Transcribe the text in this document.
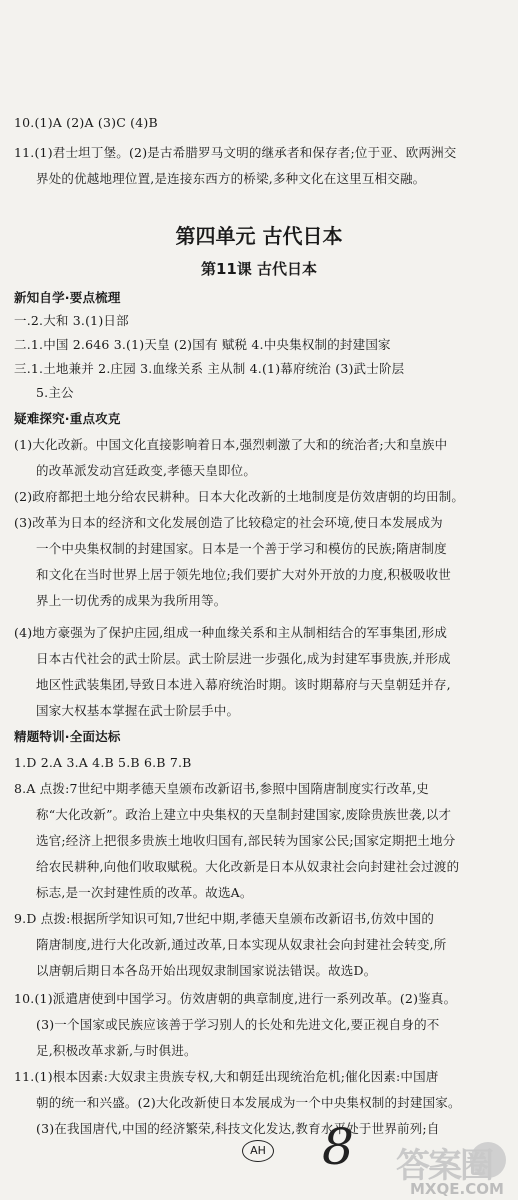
10.(1)A (2)A (3)C (4)B
11.(1)君士坦丁堡。(2)是古希腊罗马文明的继承者和保存者;位于亚、欧两洲交
界处的优越地理位置,是连接东西方的桥梁,多种文化在这里互相交融。
第四单元 古代日本
第11课 古代日本
新知自学·要点梳理
一.2.大和 3.(1)日部
二.1.中国 2.646 3.(1)天皇 (2)国有 赋税 4.中央集权制的封建国家
三.1.土地兼并 2.庄园 3.血缘关系 主从制 4.(1)幕府统治 (3)武士阶层
5.主公
疑难探究·重点攻克
(1)大化改新。中国文化直接影响着日本,强烈刺激了大和的统治者;大和皇族中
的改革派发动宫廷政变,孝德天皇即位。
(2)政府都把土地分给农民耕种。日本大化改新的土地制度是仿效唐朝的均田制。
(3)改革为日本的经济和文化发展创造了比较稳定的社会环境,使日本发展成为
一个中央集权制的封建国家。日本是一个善于学习和模仿的民族;隋唐制度
和文化在当时世界上居于领先地位;我们要扩大对外开放的力度,积极吸收世
界上一切优秀的成果为我所用等。
(4)地方豪强为了保护庄园,组成一种血缘关系和主从制相结合的军事集团,形成
日本古代社会的武士阶层。武士阶层进一步强化,成为封建军事贵族,并形成
地区性武装集团,导致日本进入幕府统治时期。该时期幕府与天皇朝廷并存,
国家大权基本掌握在武士阶层手中。
精题特训·全面达标
1.D 2.A 3.A 4.B 5.B 6.B 7.B
8.A 点拨:7世纪中期孝德天皇颁布改新诏书,参照中国隋唐制度实行改革,史
称“大化改新”。政治上建立中央集权的天皇制封建国家,废除贵族世袭,以才
选官;经济上把很多贵族土地收归国有,部民转为国家公民;国家定期把土地分
给农民耕种,向他们收取赋税。大化改新是日本从奴隶社会向封建社会过渡的
标志,是一次封建性质的改革。故选A。
9.D 点拨:根据所学知识可知,7世纪中期,孝德天皇颁布改新诏书,仿效中国的
隋唐制度,进行大化改新,通过改革,日本实现从奴隶社会向封建社会转变,所
以唐朝后期日本各岛开始出现奴隶制国家说法错误。故选D。
10.(1)派遣唐使到中国学习。仿效唐朝的典章制度,进行一系列改革。(2)鉴真。
(3)一个国家或民族应该善于学习别人的长处和先进文化,要正视自身的不
足,积极改革求新,与时俱进。
11.(1)根本因素:大奴隶主贵族专权,大和朝廷出现统治危机;催化因素:中国唐
朝的统一和兴盛。(2)大化改新使日本发展成为一个中央集权制的封建国家。
(3)在我国唐代,中国的经济繁荣,科技文化发达,教育水平处于世界前列;自
AH 8 答案圈
MXQE.COM
